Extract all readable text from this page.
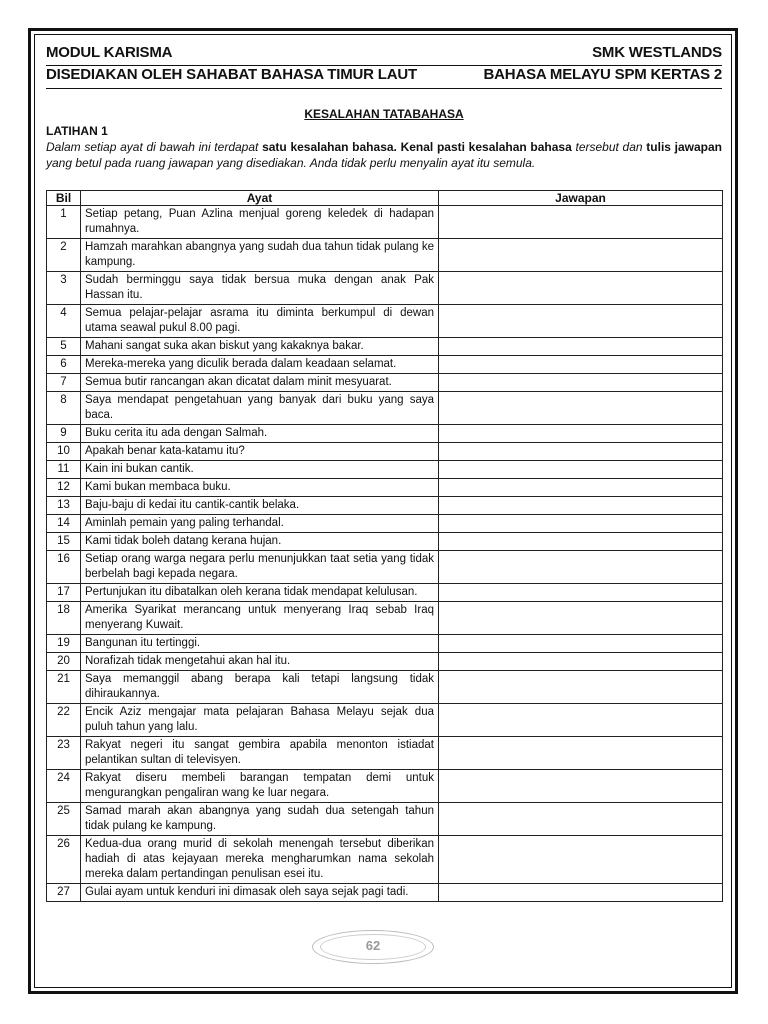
MODUL KARISMA	SMK WESTLANDS
DISEDIAKAN OLEH SAHABAT BAHASA TIMUR LAUT	BAHASA MELAYU SPM KERTAS 2
KESALAHAN TATABAHASA
LATIHAN 1
Dalam setiap ayat di bawah ini terdapat satu kesalahan bahasa. Kenal pasti kesalahan bahasa tersebut dan tulis jawapan yang betul pada ruang jawapan yang disediakan. Anda tidak perlu menyalin ayat itu semula.
Bil	Ayat	Jawapan
1	Setiap petang, Puan Azlina menjual goreng keledek di hadapan rumahnya.	
2	Hamzah marahkan abangnya yang sudah dua tahun tidak pulang ke kampung.	
3	Sudah berminggu saya tidak bersua muka dengan anak Pak Hassan itu.	
4	Semua pelajar-pelajar asrama itu diminta berkumpul di dewan utama seawal pukul 8.00 pagi.	
5	Mahani sangat suka akan biskut yang kakaknya bakar.	
6	Mereka-mereka yang diculik berada dalam keadaan selamat.	
7	Semua butir rancangan akan dicatat dalam minit mesyuarat.	
8	Saya mendapat pengetahuan yang banyak dari buku yang saya baca.	
9	Buku cerita itu ada dengan Salmah.	
10	Apakah benar kata-katamu itu?	
11	Kain ini bukan cantik.	
12	Kami bukan membaca buku.	
13	Baju-baju di kedai itu cantik-cantik belaka.	
14	Aminlah pemain yang paling terhandal.	
15	Kami tidak boleh datang kerana hujan.	
16	Setiap orang warga negara perlu menunjukkan taat setia yang tidak berbelah bagi kepada negara.	
17	Pertunjukan itu dibatalkan oleh kerana tidak mendapat kelulusan.	
18	Amerika Syarikat merancang untuk menyerang Iraq sebab Iraq menyerang Kuwait.	
19	Bangunan itu tertinggi.	
20	Norafizah tidak mengetahui akan hal itu.	
21	Saya memanggil abang berapa kali tetapi langsung tidak dihiraukannya.	
22	Encik Aziz mengajar mata pelajaran Bahasa Melayu sejak dua puluh tahun yang lalu.	
23	Rakyat negeri itu sangat gembira apabila menonton istiadat pelantikan sultan di televisyen.	
24	Rakyat diseru membeli barangan tempatan demi untuk mengurangkan pengaliran wang ke luar negara.	
25	Samad marah akan abangnya yang sudah dua setengah tahun tidak pulang ke kampung.	
26	Kedua-dua orang murid di sekolah menengah tersebut diberikan hadiah di atas kejayaan mereka mengharumkan nama sekolah mereka dalam pertandingan penulisan esei itu.	
27	Gulai ayam untuk kenduri ini dimasak oleh saya sejak pagi tadi.	
62
